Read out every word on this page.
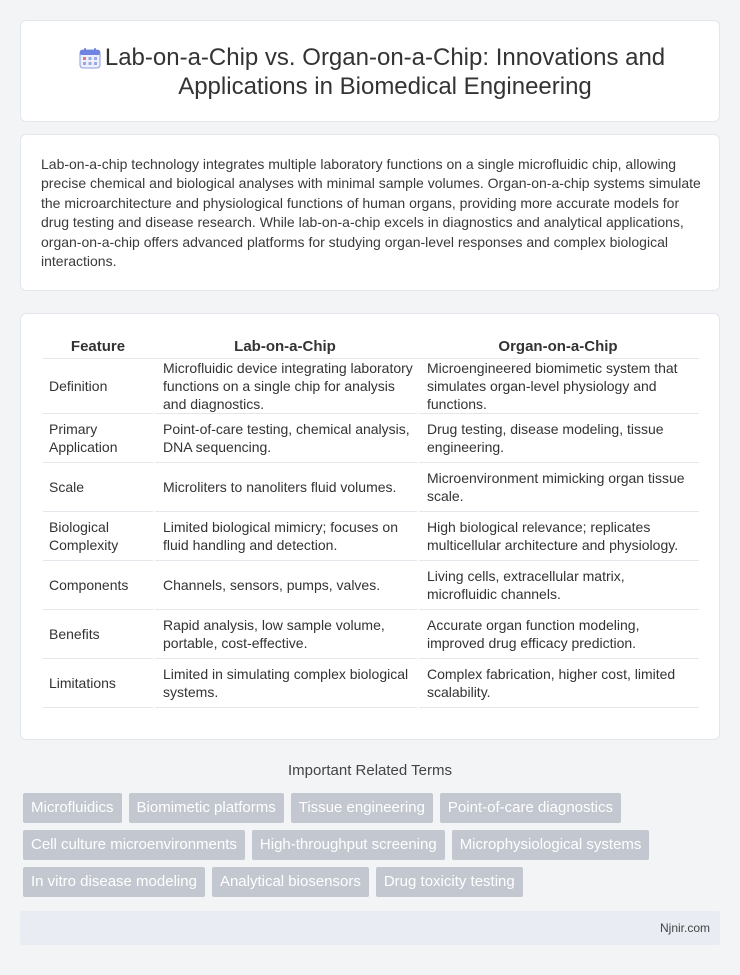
Lab-on-a-Chip vs. Organ-on-a-Chip: Innovations and Applications in Biomedical Engineering

Lab-on-a-chip technology integrates multiple laboratory functions on a single microfluidic chip, allowing precise chemical and biological analyses with minimal sample volumes. Organ-on-a-chip systems simulate the microarchitecture and physiological functions of human organs, providing more accurate models for drug testing and disease research. While lab-on-a-chip excels in diagnostics and analytical applications, organ-on-a-chip offers advanced platforms for studying organ-level responses and complex biological interactions.

Feature	Lab-on-a-Chip	Organ-on-a-Chip
Definition	Microfluidic device integrating laboratory functions on a single chip for analysis and diagnostics.	Microengineered biomimetic system that simulates organ-level physiology and functions.
Primary Application	Point-of-care testing, chemical analysis, DNA sequencing.	Drug testing, disease modeling, tissue engineering.
Scale	Microliters to nanoliters fluid volumes.	Microenvironment mimicking organ tissue scale.
Biological Complexity	Limited biological mimicry; focuses on fluid handling and detection.	High biological relevance; replicates multicellular architecture and physiology.
Components	Channels, sensors, pumps, valves.	Living cells, extracellular matrix, microfluidic channels.
Benefits	Rapid analysis, low sample volume, portable, cost-effective.	Accurate organ function modeling, improved drug efficacy prediction.
Limitations	Limited in simulating complex biological systems.	Complex fabrication, higher cost, limited scalability.
Important Related Terms
Microfluidics	Biomimetic platforms	Tissue engineering	Point-of-care diagnostics
Cell culture microenvironments	High-throughput screening	Microphysiological systems
In vitro disease modeling	Analytical biosensors	Drug toxicity testing
Njnir.com
